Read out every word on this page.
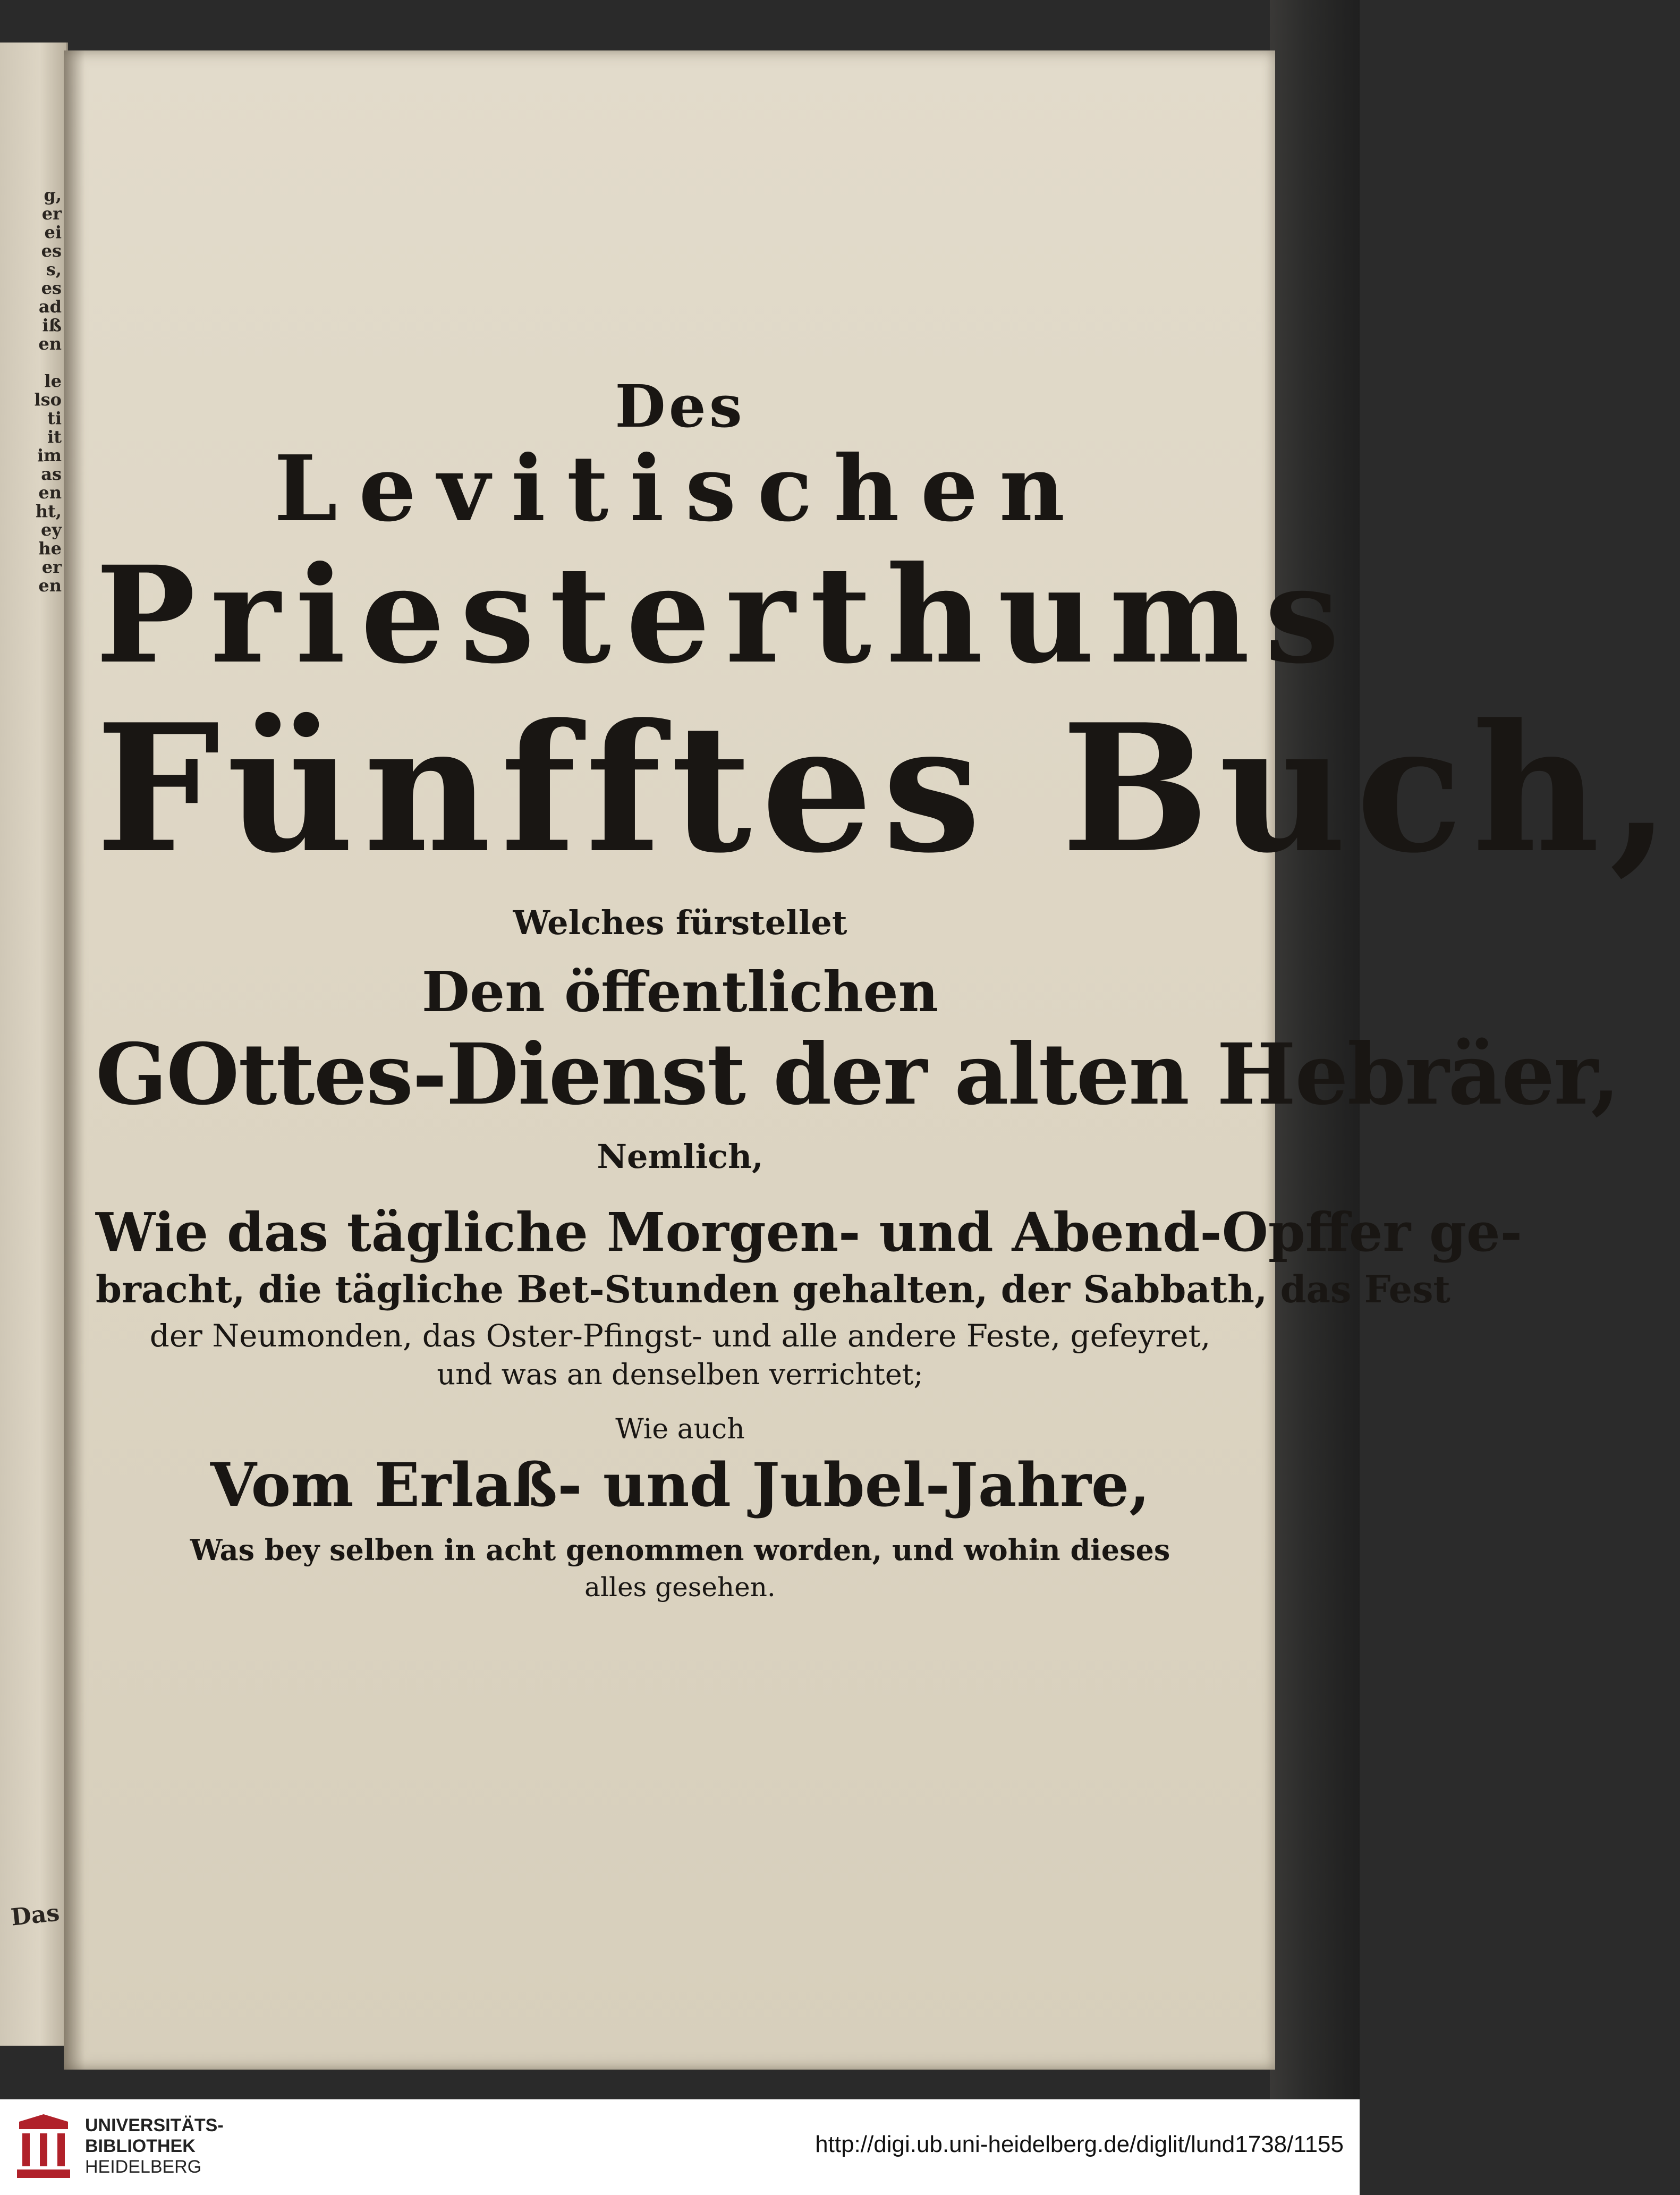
g,
er
ei
es
s,
es
ad
iß
en
le
lso
ti
it
im
as
en
ht,
ey
he
er
en
Das
Des
Levitischen
Priesterthums
Fünfftes Buch,
Welches fürstellet
Den öffentlichen
GOttes-Dienst der alten Hebräer,
Nemlich,
Wie das tägliche Morgen- und Abend-Opffer ge-
bracht, die tägliche Bet-Stunden gehalten, der Sabbath, das Fest
der Neumonden, das Oster-Pfingst- und alle andere Feste, gefeyret,
und was an denselben verrichtet;
Wie auch
Vom Erlaß- und Jubel-Jahre,
Was bey selben in acht genommen worden, und wohin dieses
alles gesehen.
UNIVERSITÄTS-
BIBLIOTHEK
HEIDELBERG
http://digi.ub.uni-heidelberg.de/diglit/lund1738/1155
